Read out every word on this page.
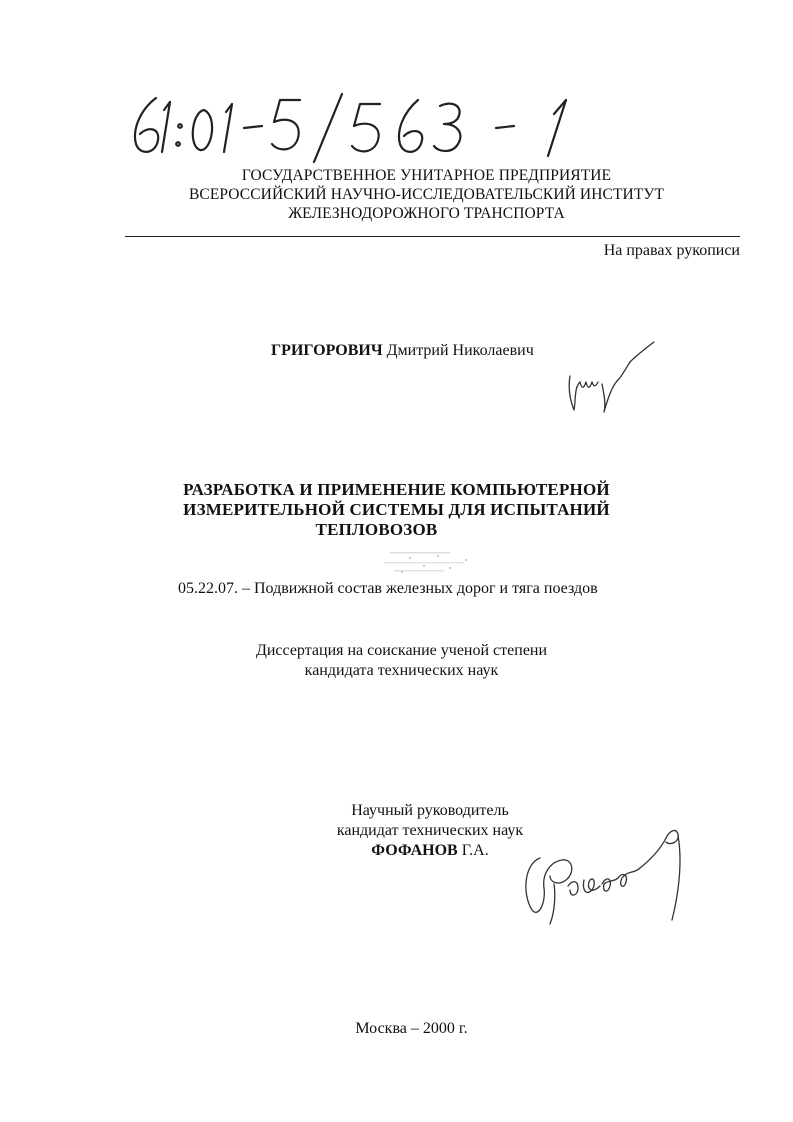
ГОСУДАРСТВЕННОЕ УНИТАРНОЕ ПРЕДПРИЯТИЕ
ВСЕРОССИЙСКИЙ НАУЧНО-ИССЛЕДОВАТЕЛЬСКИЙ ИНСТИТУТ
ЖЕЛЕЗНОДОРОЖНОГО ТРАНСПОРТА
На правах рукописи
ГРИГОРОВИЧ Дмитрий Николаевич
РАЗРАБОТКА И ПРИМЕНЕНИЕ КОМПЬЮТЕРНОЙ
ИЗМЕРИТЕЛЬНОЙ СИСТЕМЫ ДЛЯ ИСПЫТАНИЙ
ТЕПЛОВОЗОВ
05.22.07. – Подвижной состав железных дорог и тяга поездов
Диссертация на соискание ученой степени
кандидата технических наук
Научный руководитель
кандидат технических наук
ФОФАНОВ Г.А.
Москва – 2000 г.
